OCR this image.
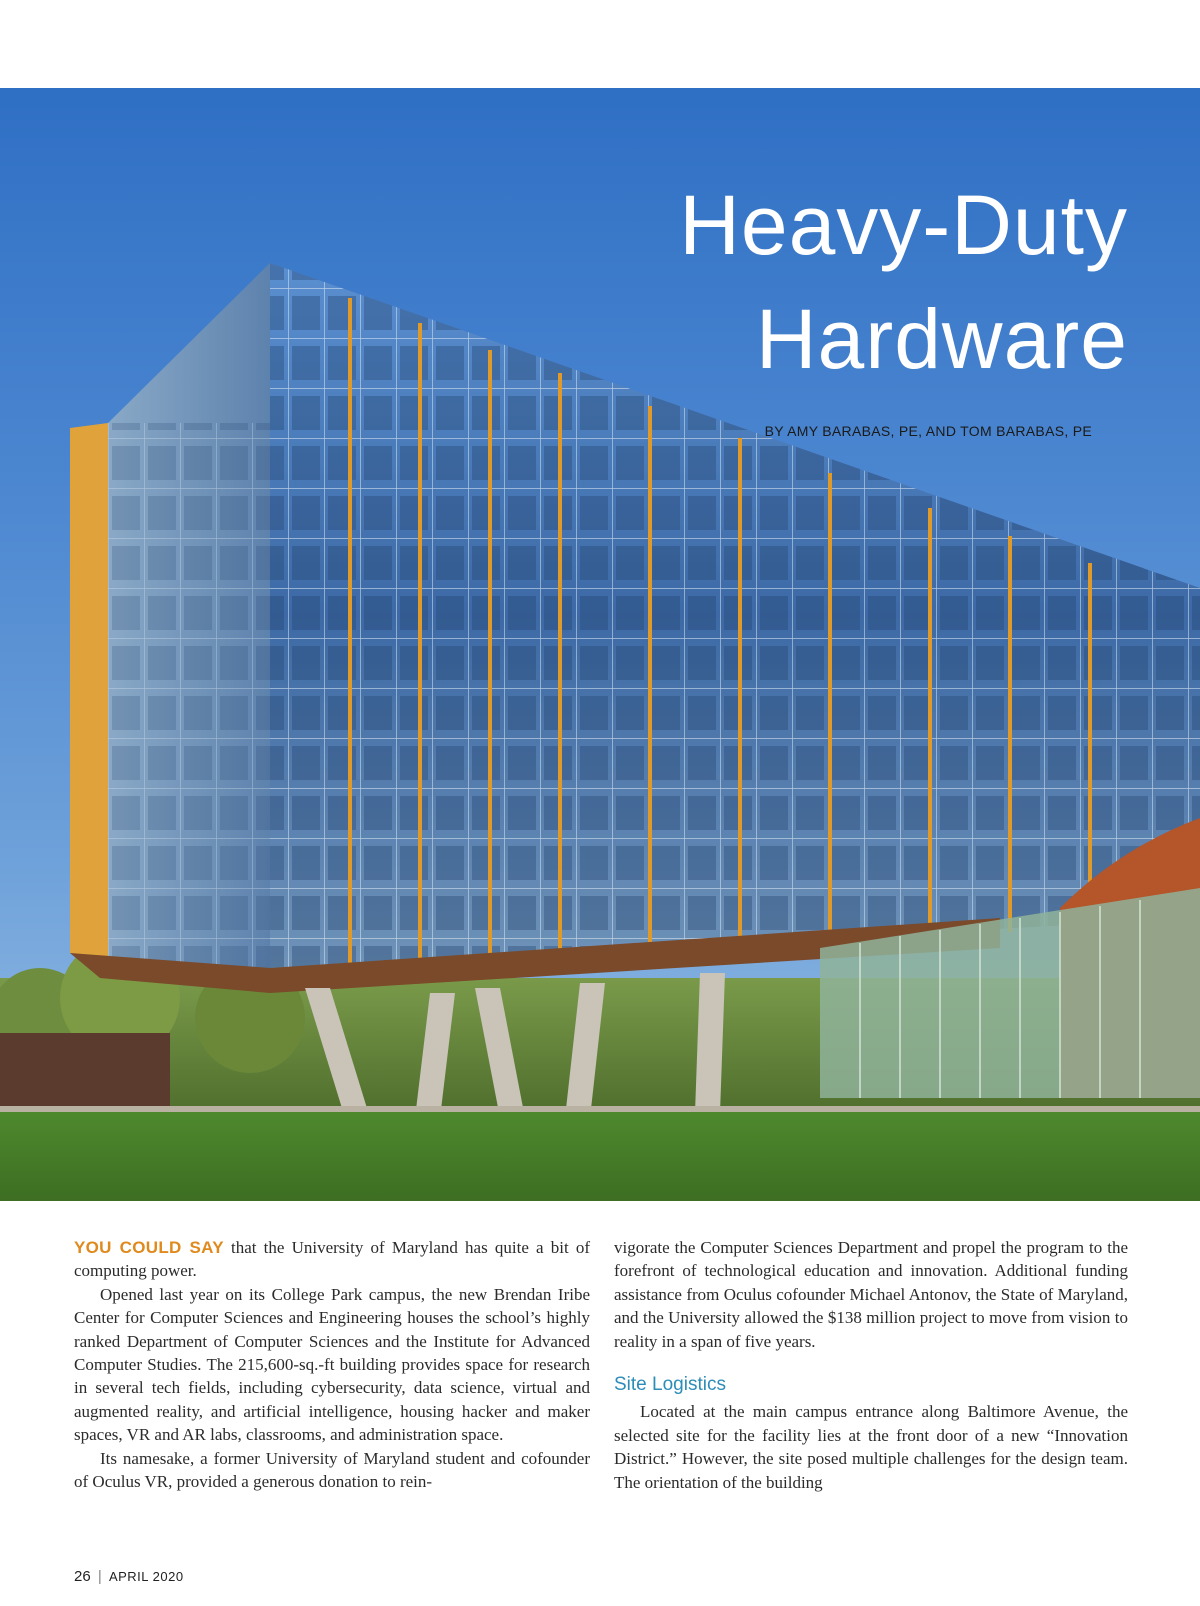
Heavy-Duty
Hardware
BY AMY BARABAS, PE, AND TOM BARABAS, PE

YOU COULD SAY that the University of Maryland has quite a bit of computing power.

Opened last year on its College Park campus, the new Brendan Iribe Center for Computer Sciences and Engineering houses the school’s highly ranked Department of Computer Sciences and the Institute for Advanced Computer Studies. The 215,600-sq.-ft building provides space for research in several tech fields, including cybersecurity, data science, virtual and augmented reality, and artificial intelligence, housing hacker and maker spaces, VR and AR labs, classrooms, and administration space.

Its namesake, a former University of Maryland student and cofounder of Oculus VR, provided a generous donation to rein-

vigorate the Computer Sciences Department and propel the program to the forefront of technological education and innovation. Additional funding assistance from Oculus cofounder Michael Antonov, the State of Maryland, and the University allowed the $138 million project to move from vision to reality in a span of five years.

Site Logistics

Located at the main campus entrance along Baltimore Avenue, the selected site for the facility lies at the front door of a new “Innovation District.” However, the site posed multiple challenges for the design team. The orientation of the building

26 | APRIL 2020
